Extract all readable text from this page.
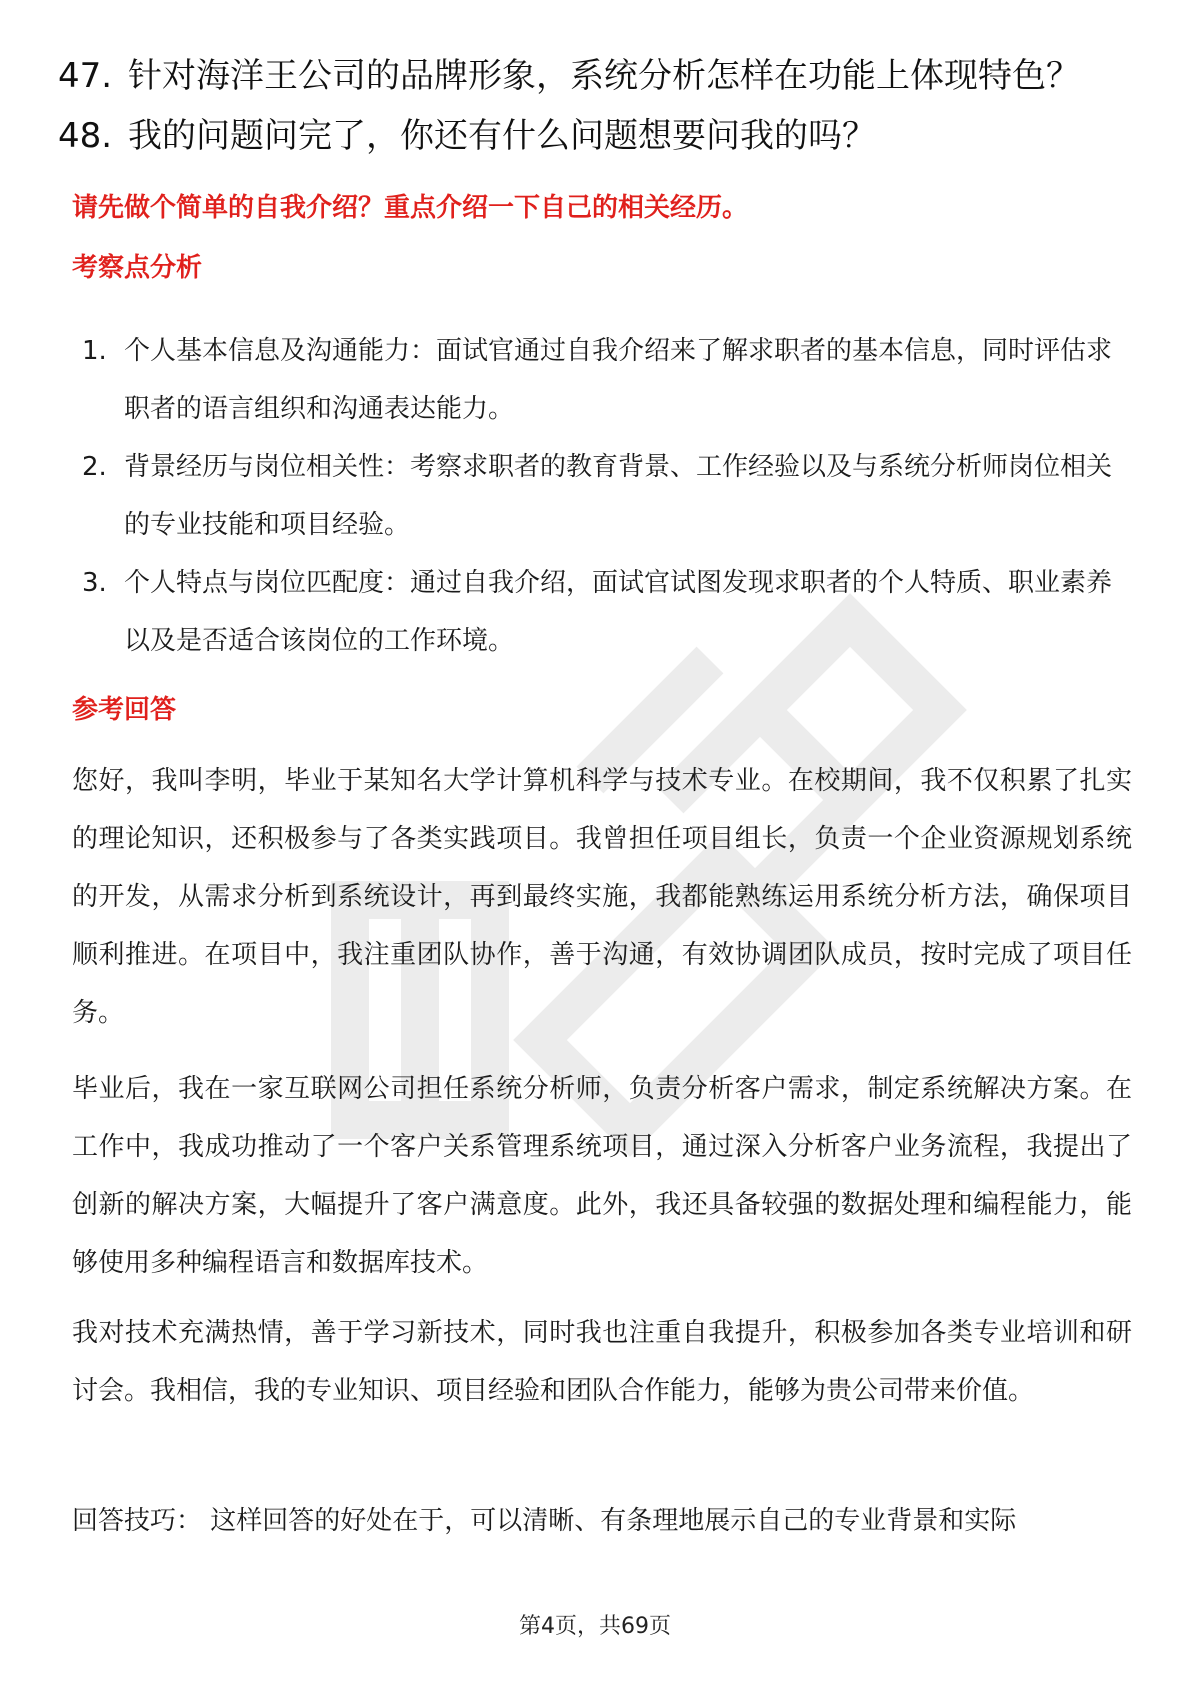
47. 针对海洋王公司的品牌形象，系统分析怎样在功能上体现特色？
48. 我的问题问完了，你还有什么问题想要问我的吗？
请先做个简单的自我介绍？重点介绍一下自己的相关经历。
考察点分析
1. 个人基本信息及沟通能力：面试官通过自我介绍来了解求职者的基本信息，同时评估求职者的语言组织和沟通表达能力。
2. 背景经历与岗位相关性：考察求职者的教育背景、工作经验以及与系统分析师岗位相关的专业技能和项目经验。
3. 个人特点与岗位匹配度：通过自我介绍，面试官试图发现求职者的个人特质、职业素养以及是否适合该岗位的工作环境。
参考回答
您好，我叫李明，毕业于某知名大学计算机科学与技术专业。在校期间，我不仅积累了扎实的理论知识，还积极参与了各类实践项目。我曾担任项目组长，负责一个企业资源规划系统的开发，从需求分析到系统设计，再到最终实施，我都能熟练运用系统分析方法，确保项目顺利推进。在项目中，我注重团队协作，善于沟通，有效协调团队成员，按时完成了项目任务。
毕业后，我在一家互联网公司担任系统分析师，负责分析客户需求，制定系统解决方案。在工作中，我成功推动了一个客户关系管理系统项目，通过深入分析客户业务流程，我提出了创新的解决方案，大幅提升了客户满意度。此外，我还具备较强的数据处理和编程能力，能够使用多种编程语言和数据库技术。
我对技术充满热情，善于学习新技术，同时我也注重自我提升，积极参加各类专业培训和研讨会。我相信，我的专业知识、项目经验和团队合作能力，能够为贵公司带来价值。
回答技巧： 这样回答的好处在于，可以清晰、有条理地展示自己的专业背景和实际
第4页，共69页
